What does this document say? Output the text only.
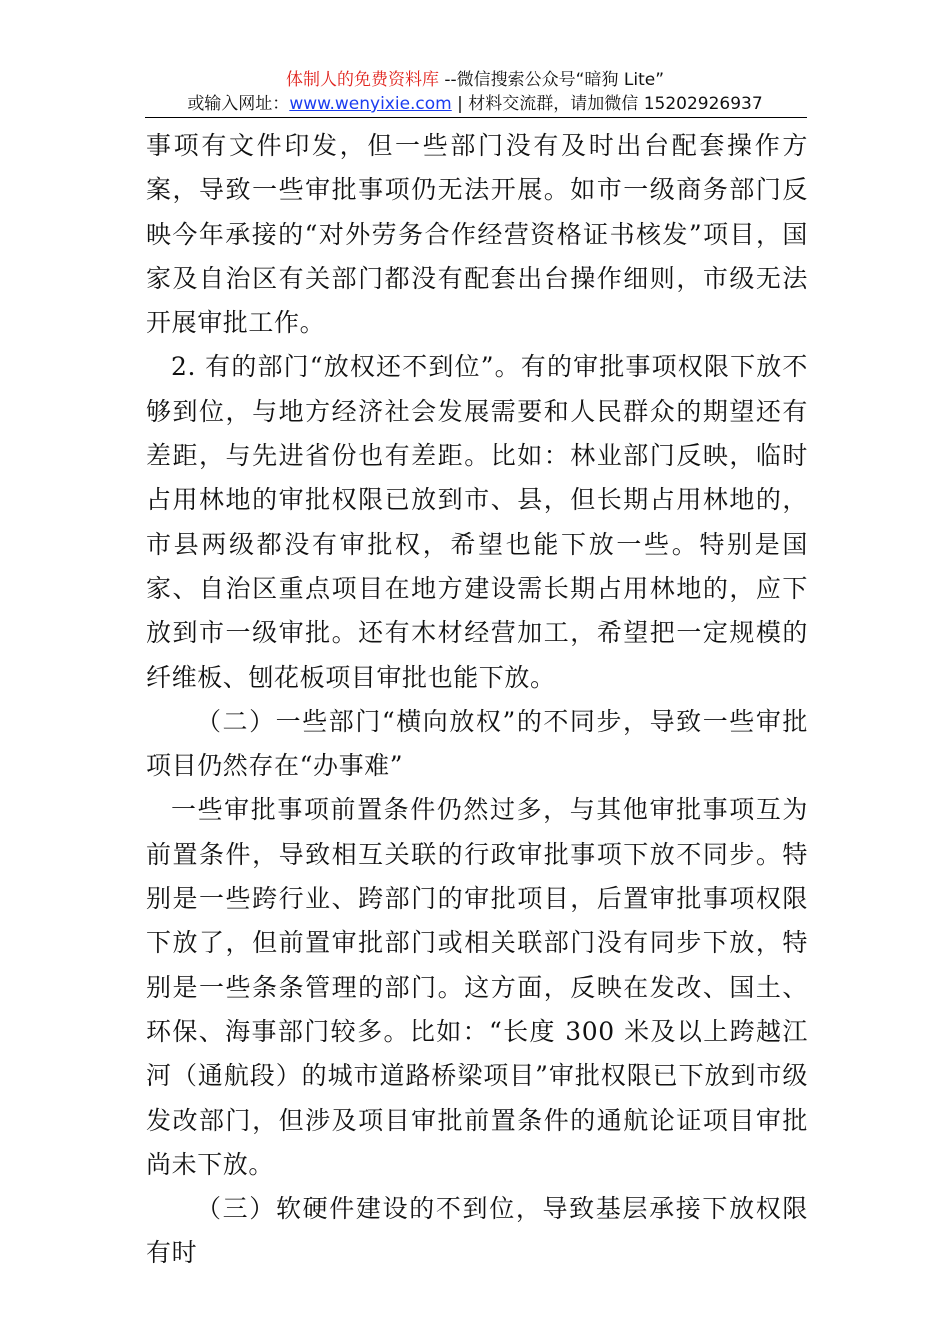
体制人的免费资料库 --微信搜索公众号“暗狗 Lite”
或输入网址：www.wenyixie.com | 材料交流群，请加微信 15202926937

事项有文件印发，但一些部门没有及时出台配套操作方案，导致一些审批事项仍无法开展。如市一级商务部门反映今年承接的“对外劳务合作经营资格证书核发”项目，国家及自治区有关部门都没有配套出台操作细则，市级无法开展审批工作。

2. 有的部门“放权还不到位”。有的审批事项权限下放不够到位，与地方经济社会发展需要和人民群众的期望还有差距，与先进省份也有差距。比如：林业部门反映，临时占用林地的审批权限已放到市、县，但长期占用林地的，市县两级都没有审批权，希望也能下放一些。特别是国家、自治区重点项目在地方建设需长期占用林地的，应下放到市一级审批。还有木材经营加工，希望把一定规模的纤维板、刨花板项目审批也能下放。

（二）一些部门“横向放权”的不同步，导致一些审批项目仍然存在“办事难”

一些审批事项前置条件仍然过多，与其他审批事项互为前置条件，导致相互关联的行政审批事项下放不同步。特别是一些跨行业、跨部门的审批项目，后置审批事项权限下放了，但前置审批部门或相关联部门没有同步下放，特别是一些条条管理的部门。这方面，反映在发改、国土、环保、海事部门较多。比如：“长度 300 米及以上跨越江河（通航段）的城市道路桥梁项目”审批权限已下放到市级发改部门，但涉及项目审批前置条件的通航论证项目审批尚未下放。

（三）软硬件建设的不到位，导致基层承接下放权限有时
